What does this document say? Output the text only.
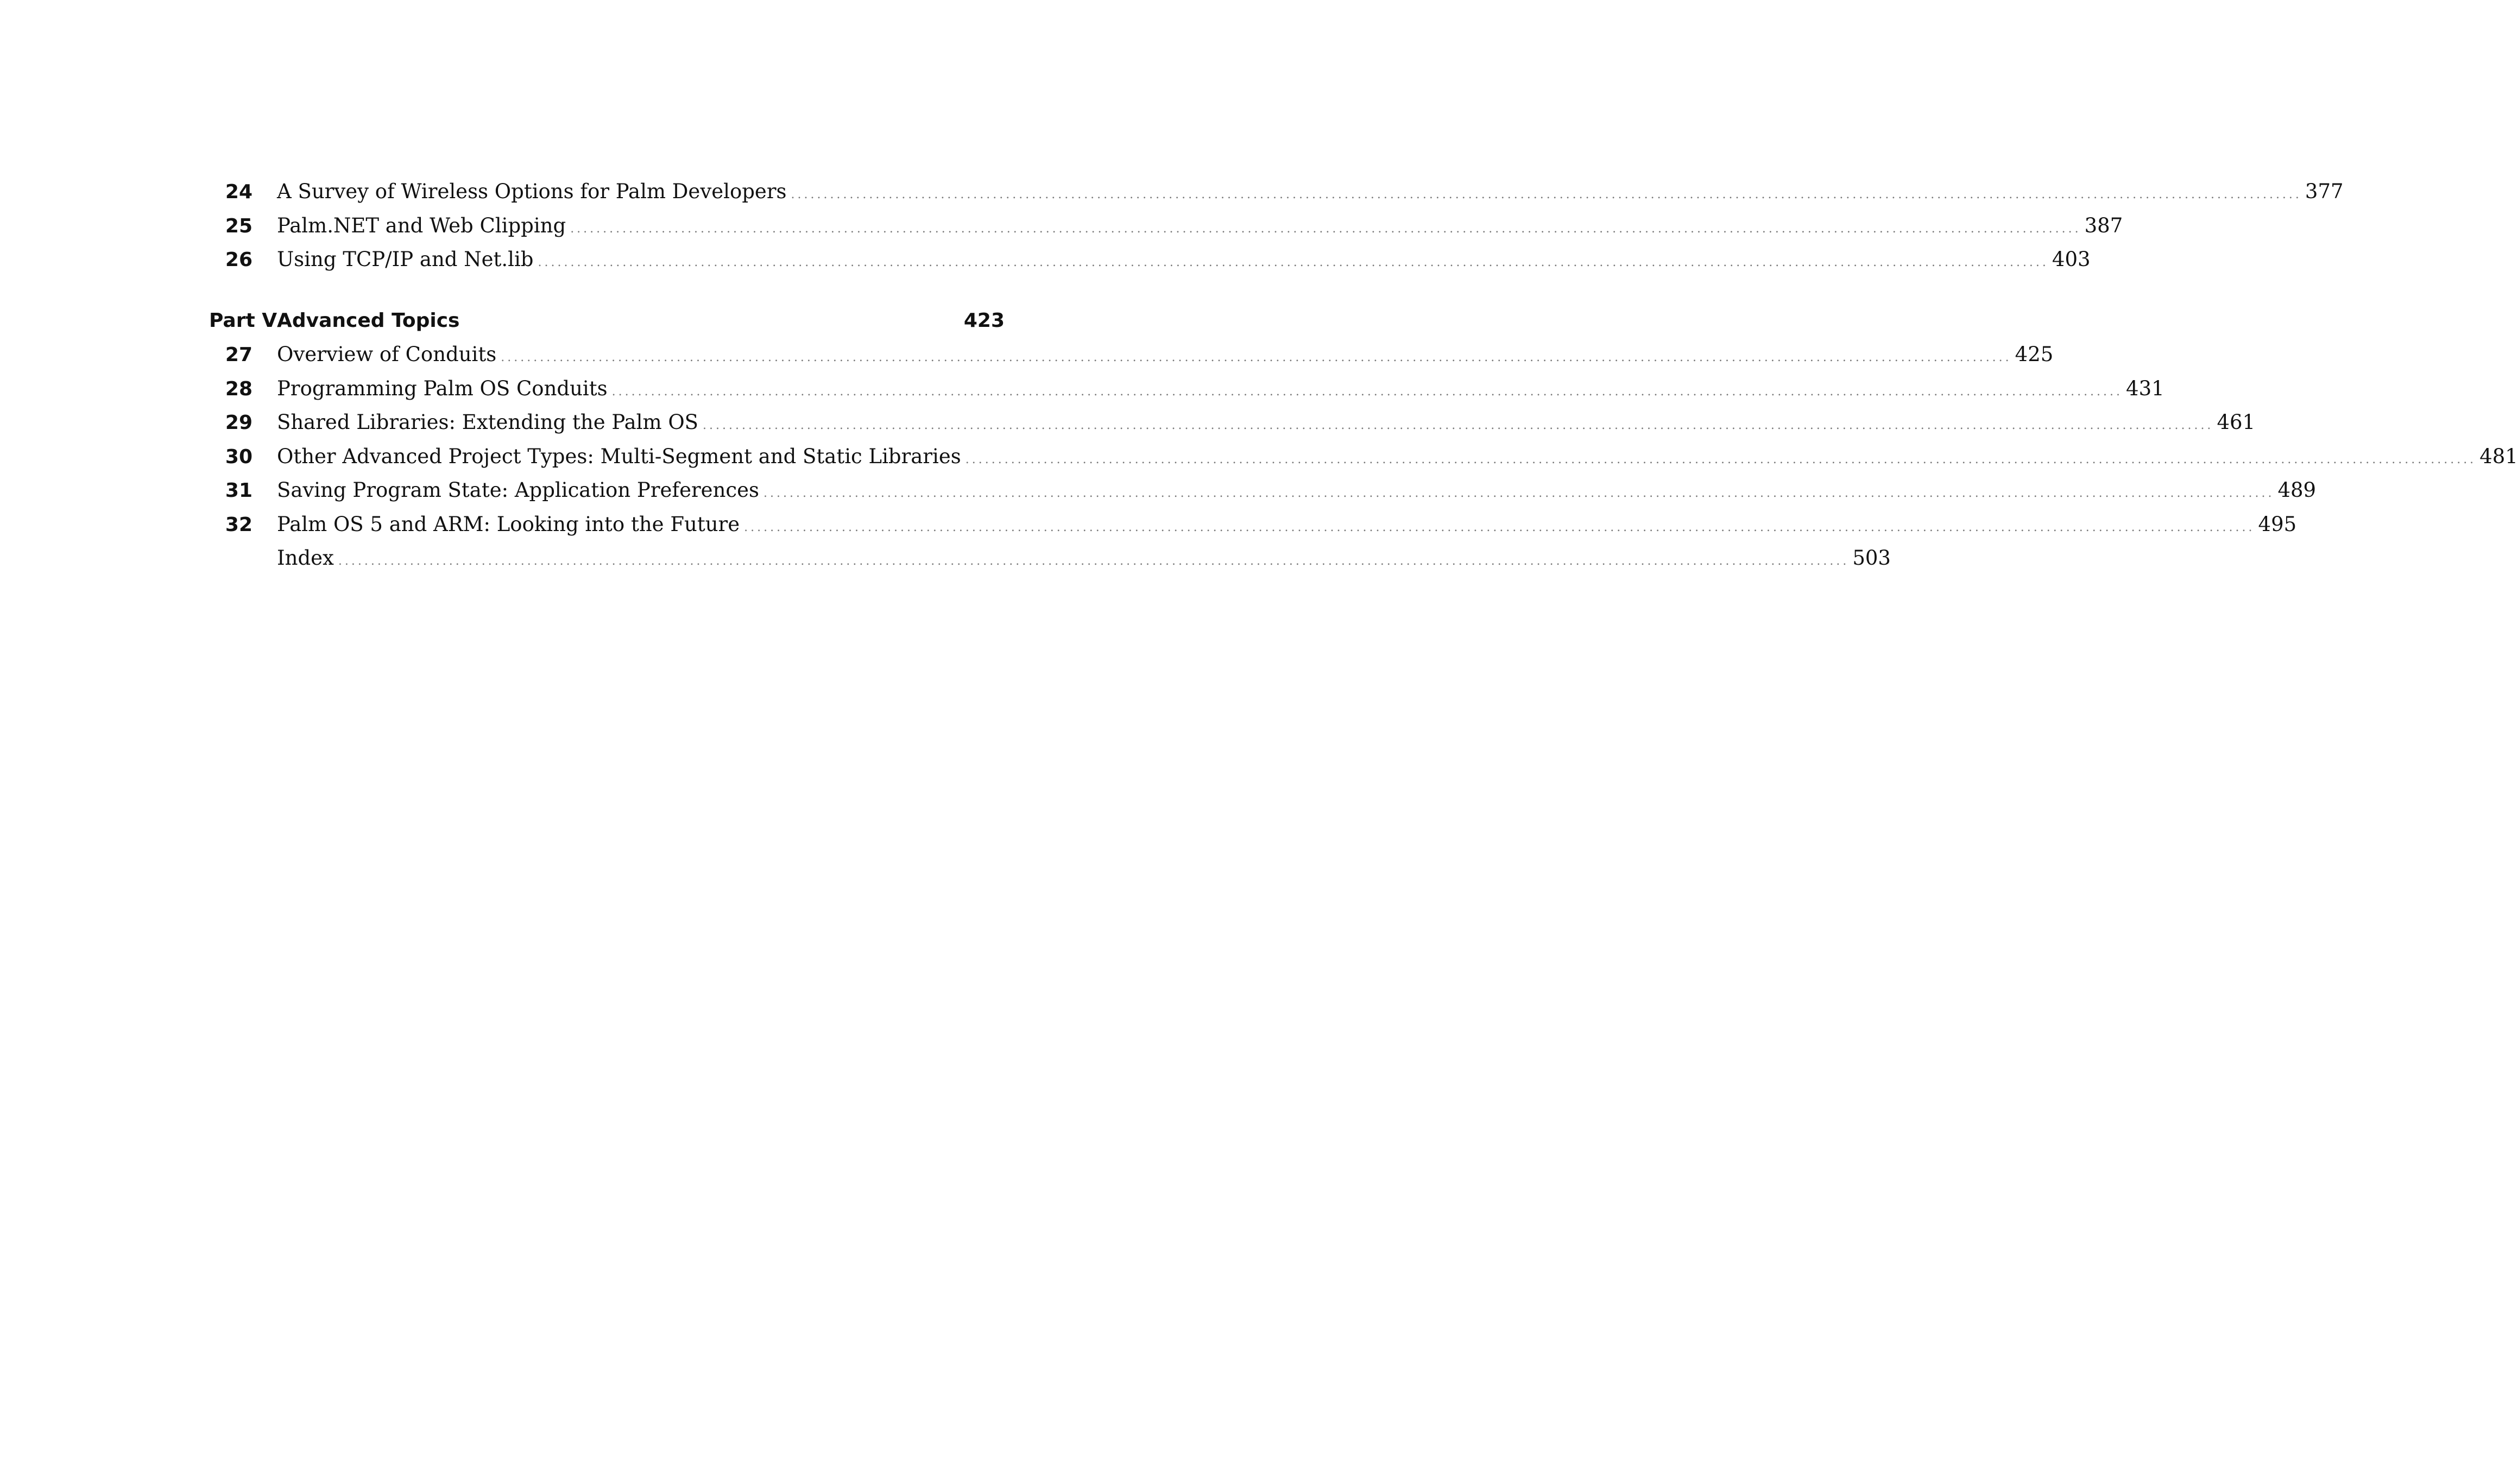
24	A Survey of Wireless Options for Palm Developers .....	377
25	Palm.NET and Web Clipping .....	387
26	Using TCP/IP and Net.lib .....	403
Part V Advanced Topics	423
27	Overview of Conduits .....	425
28	Programming Palm OS Conduits .....	431
29	Shared Libraries: Extending the Palm OS .....	461
30	Other Advanced Project Types: Multi-Segment and Static Libraries .....	481
31	Saving Program State: Application Preferences .....	489
32	Palm OS 5 and ARM: Looking into the Future .....	495
Index .....	503
